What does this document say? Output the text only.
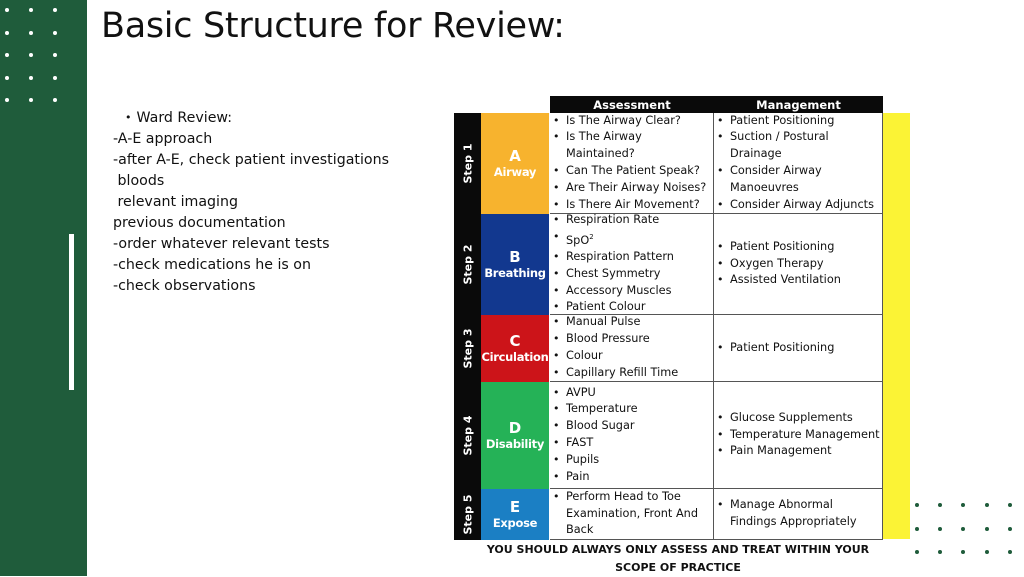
Basic Structure for Review:
• Ward Review:
-A-E approach
-after A-E, check patient investigations
bloods
relevant imaging
previous documentation
-order whatever relevant tests
-check medications he is on
-check observations
Assessment	Management
YOU SHOULD ALWAYS ONLY ASSESS AND TREAT WITHIN YOUR SCOPE OF PRACTICE
Step 1 A
Airway
• Is The Airway Clear?
• Is The Airway Maintained?
• Can The Patient Speak?
• Are Their Airway Noises?
• Is There Air Movement?
• Patient Positioning
• Suction / Postural Drainage
• Consider Airway Manoeuvres
• Consider Airway Adjuncts
Step 2 B
Breathing
• Respiration Rate
• SpO$^2$
• Respiration Pattern
• Chest Symmetry
• Accessory Muscles
• Patient Colour
• Patient Positioning
• Oxygen Therapy
• Assisted Ventilation
Step 3 C
Circulation
• Manual Pulse
• Blood Pressure
• Colour
• Capillary Refill Time
• Patient Positioning
Step 4 D
Disability
• AVPU
• Temperature
• Blood Sugar
• FAST
• Pupils
• Pain
• Glucose Supplements
• Temperature Management
• Pain Management
Step 5 E
Expose
• Perform Head to Toe Examination, Front And Back
• Manage Abnormal Findings Appropriately
